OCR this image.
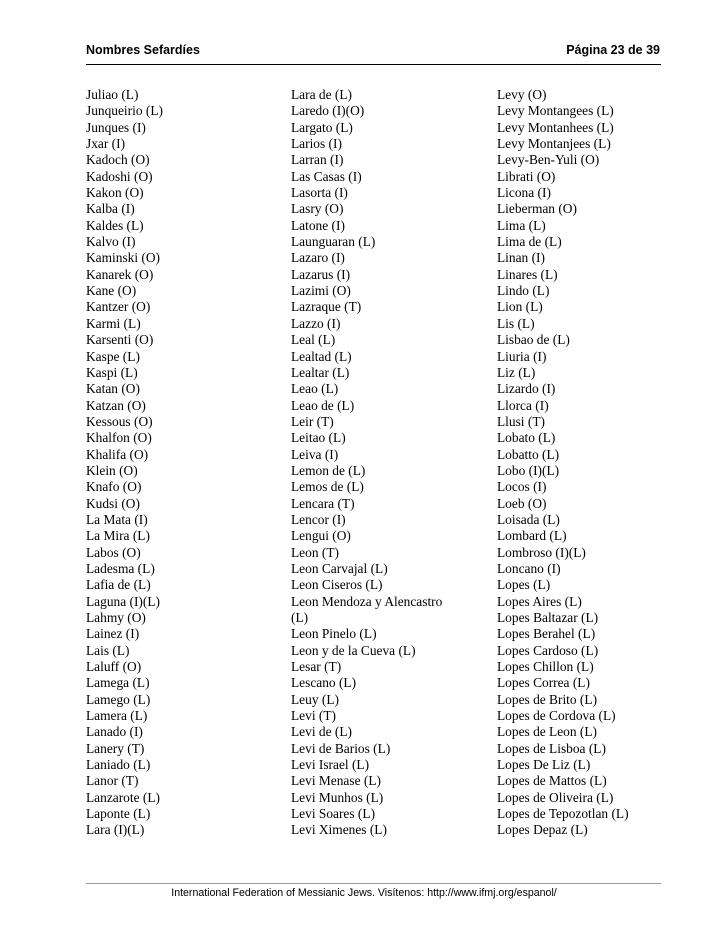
Nombres Sefardíes	Página 23 de 39
Juliao (L)
Junqueirio (L)
Junques (I)
Jxar (I)
Kadoch (O)
Kadoshi (O)
Kakon (O)
Kalba (I)
Kaldes (L)
Kalvo (I)
Kaminski (O)
Kanarek (O)
Kane (O)
Kantzer (O)
Karmi (L)
Karsenti (O)
Kaspe (L)
Kaspi (L)
Katan (O)
Katzan (O)
Kessous (O)
Khalfon (O)
Khalifa (O)
Klein (O)
Knafo (O)
Kudsi (O)
La Mata (I)
La Mira (L)
Labos (O)
Ladesma (L)
Lafia de (L)
Laguna (I)(L)
Lahmy (O)
Lainez (I)
Lais (L)
Laluff (O)
Lamega (L)
Lamego (L)
Lamera (L)
Lanado (I)
Lanery (T)
Laniado (L)
Lanor (T)
Lanzarote (L)
Laponte (L)
Lara (I)(L)
Lara de (L)
Laredo (I)(O)
Largato (L)
Larios (I)
Larran (I)
Las Casas (I)
Lasorta (I)
Lasry (O)
Latone (I)
Launguaran (L)
Lazaro (I)
Lazarus (I)
Lazimi (O)
Lazraque (T)
Lazzo (I)
Leal (L)
Lealtad (L)
Lealtar (L)
Leao (L)
Leao de (L)
Leir (T)
Leitao (L)
Leiva (I)
Lemon de (L)
Lemos de (L)
Lencara (T)
Lencor (I)
Lengui (O)
Leon (T)
Leon Carvajal (L)
Leon Ciseros (L)
Leon Mendoza y Alencastro
(L)
Leon Pinelo (L)
Leon y de la Cueva (L)
Lesar (T)
Lescano (L)
Leuy (L)
Levi (T)
Levi de (L)
Levi de Barios (L)
Levi Israel (L)
Levi Menase (L)
Levi Munhos (L)
Levi Soares (L)
Levi Ximenes (L)
Levy (O)
Levy Montangees (L)
Levy Montanhees (L)
Levy Montanjees (L)
Levy-Ben-Yuli (O)
Librati (O)
Licona (I)
Lieberman (O)
Lima (L)
Lima de (L)
Linan (I)
Linares (L)
Lindo (L)
Lion (L)
Lis (L)
Lisbao de (L)
Liuria (I)
Liz (L)
Lizardo (I)
Llorca (I)
Llusi (T)
Lobato (L)
Lobatto (L)
Lobo (I)(L)
Locos (I)
Loeb (O)
Loisada (L)
Lombard (L)
Lombroso (I)(L)
Loncano (I)
Lopes (L)
Lopes Aires (L)
Lopes Baltazar (L)
Lopes Berahel (L)
Lopes Cardoso (L)
Lopes Chillon (L)
Lopes Correa (L)
Lopes de Brito (L)
Lopes de Cordova (L)
Lopes de Leon (L)
Lopes de Lisboa (L)
Lopes De Liz (L)
Lopes de Mattos (L)
Lopes de Oliveira (L)
Lopes de Tepozotlan (L)
Lopes Depaz (L)
International Federation of Messianic Jews. Visítenos: http://www.ifmj.org/espanol/
